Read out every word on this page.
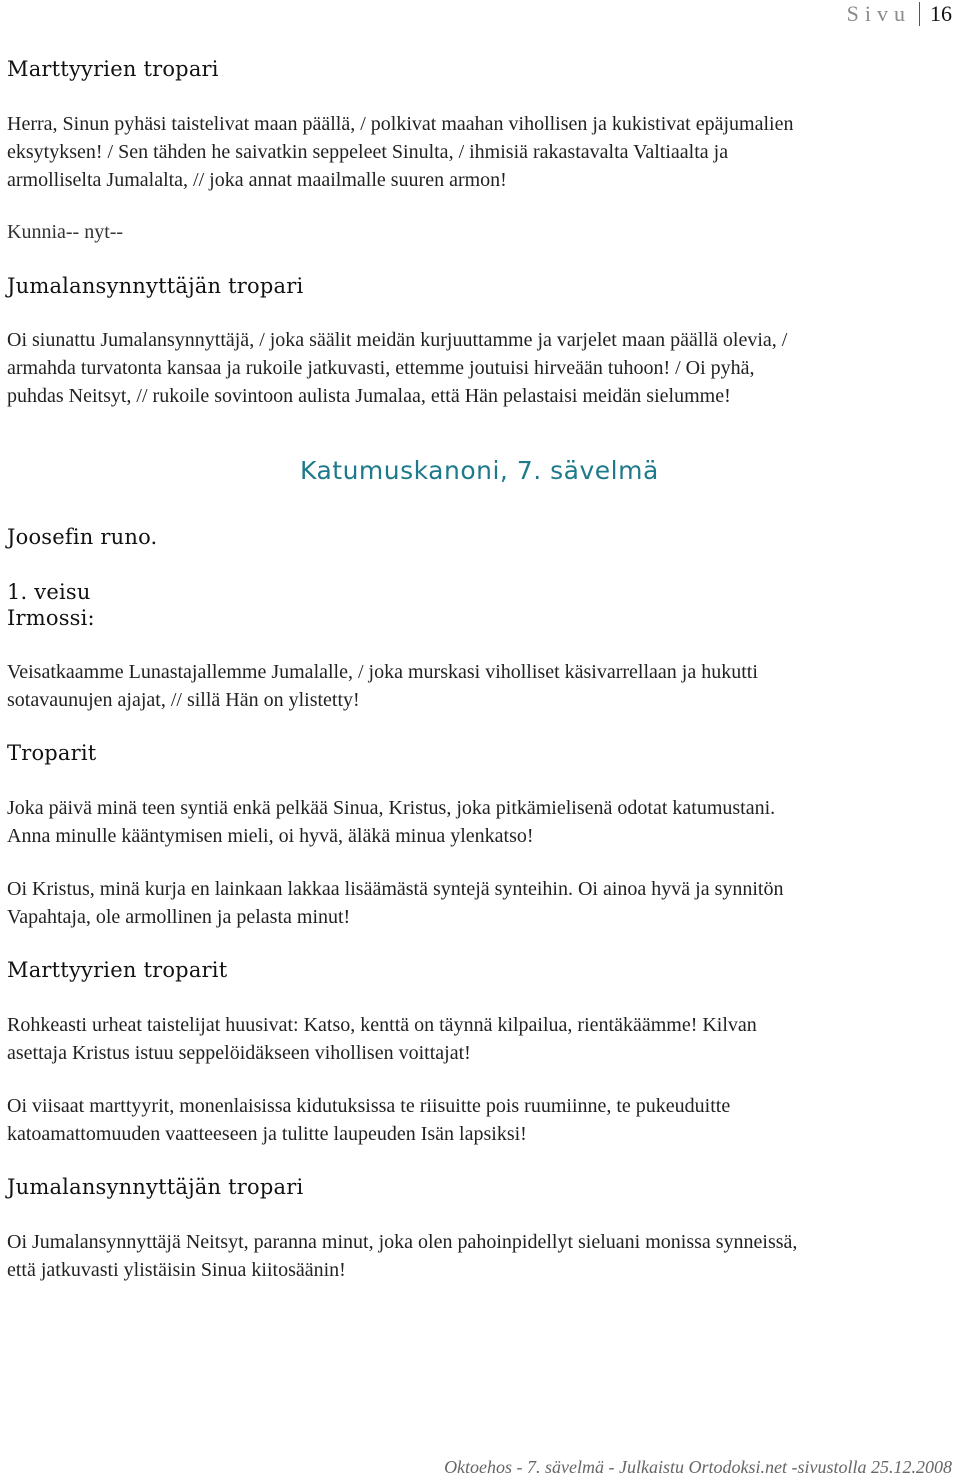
Sivu 16
Marttyyrien tropari
Herra, Sinun pyhäsi taistelivat maan päällä, / polkivat maahan vihollisen ja kukistivat epäjumalien
eksytyksen! / Sen tähden he saivatkin seppeleet Sinulta, / ihmisiä rakastavalta Valtiaalta ja
armolliselta Jumalalta, // joka annat maailmalle suuren armon!
Kunnia-- nyt--
Jumalansynnyttäjän tropari
Oi siunattu Jumalansynnyttäjä, / joka säälit meidän kurjuuttamme ja varjelet maan päällä olevia, /
armahda turvatonta kansaa ja rukoile jatkuvasti, ettemme joutuisi hirveään tuhoon! / Oi pyhä,
puhdas Neitsyt, // rukoile sovintoon aulista Jumalaa, että Hän pelastaisi meidän sielumme!
Katumuskanoni, 7. sävelmä
Joosefin runo.
1. veisu
Irmossi:
Veisatkaamme Lunastajallemme Jumalalle, / joka murskasi viholliset käsivarrellaan ja hukutti
sotavaunujen ajajat, // sillä Hän on ylistetty!
Troparit
Joka päivä minä teen syntiä enkä pelkää Sinua, Kristus, joka pitkämielisenä odotat katumustani.
Anna minulle kääntymisen mieli, oi hyvä, äläkä minua ylenkatso!
Oi Kristus, minä kurja en lainkaan lakkaa lisäämästä syntejä synteihin. Oi ainoa hyvä ja synnitön
Vapahtaja, ole armollinen ja pelasta minut!
Marttyyrien troparit
Rohkeasti urheat taistelijat huusivat: Katso, kenttä on täynnä kilpailua, rientäkäämme! Kilvan
asettaja Kristus istuu seppelöidäkseen vihollisen voittajat!
Oi viisaat marttyyrit, monenlaisissa kidutuksissa te riisuitte pois ruumiinne, te pukeuduitte
katoamattomuuden vaatteeseen ja tulitte laupeuden Isän lapsiksi!
Jumalansynnyttäjän tropari
Oi Jumalansynnyttäjä Neitsyt, paranna minut, joka olen pahoinpidellyt sieluani monissa synneissä,
että jatkuvasti ylistäisin Sinua kiitosäänin!
Oktoehos - 7. sävelmä - Julkaistu Ortodoksi.net -sivustolla 25.12.2008
